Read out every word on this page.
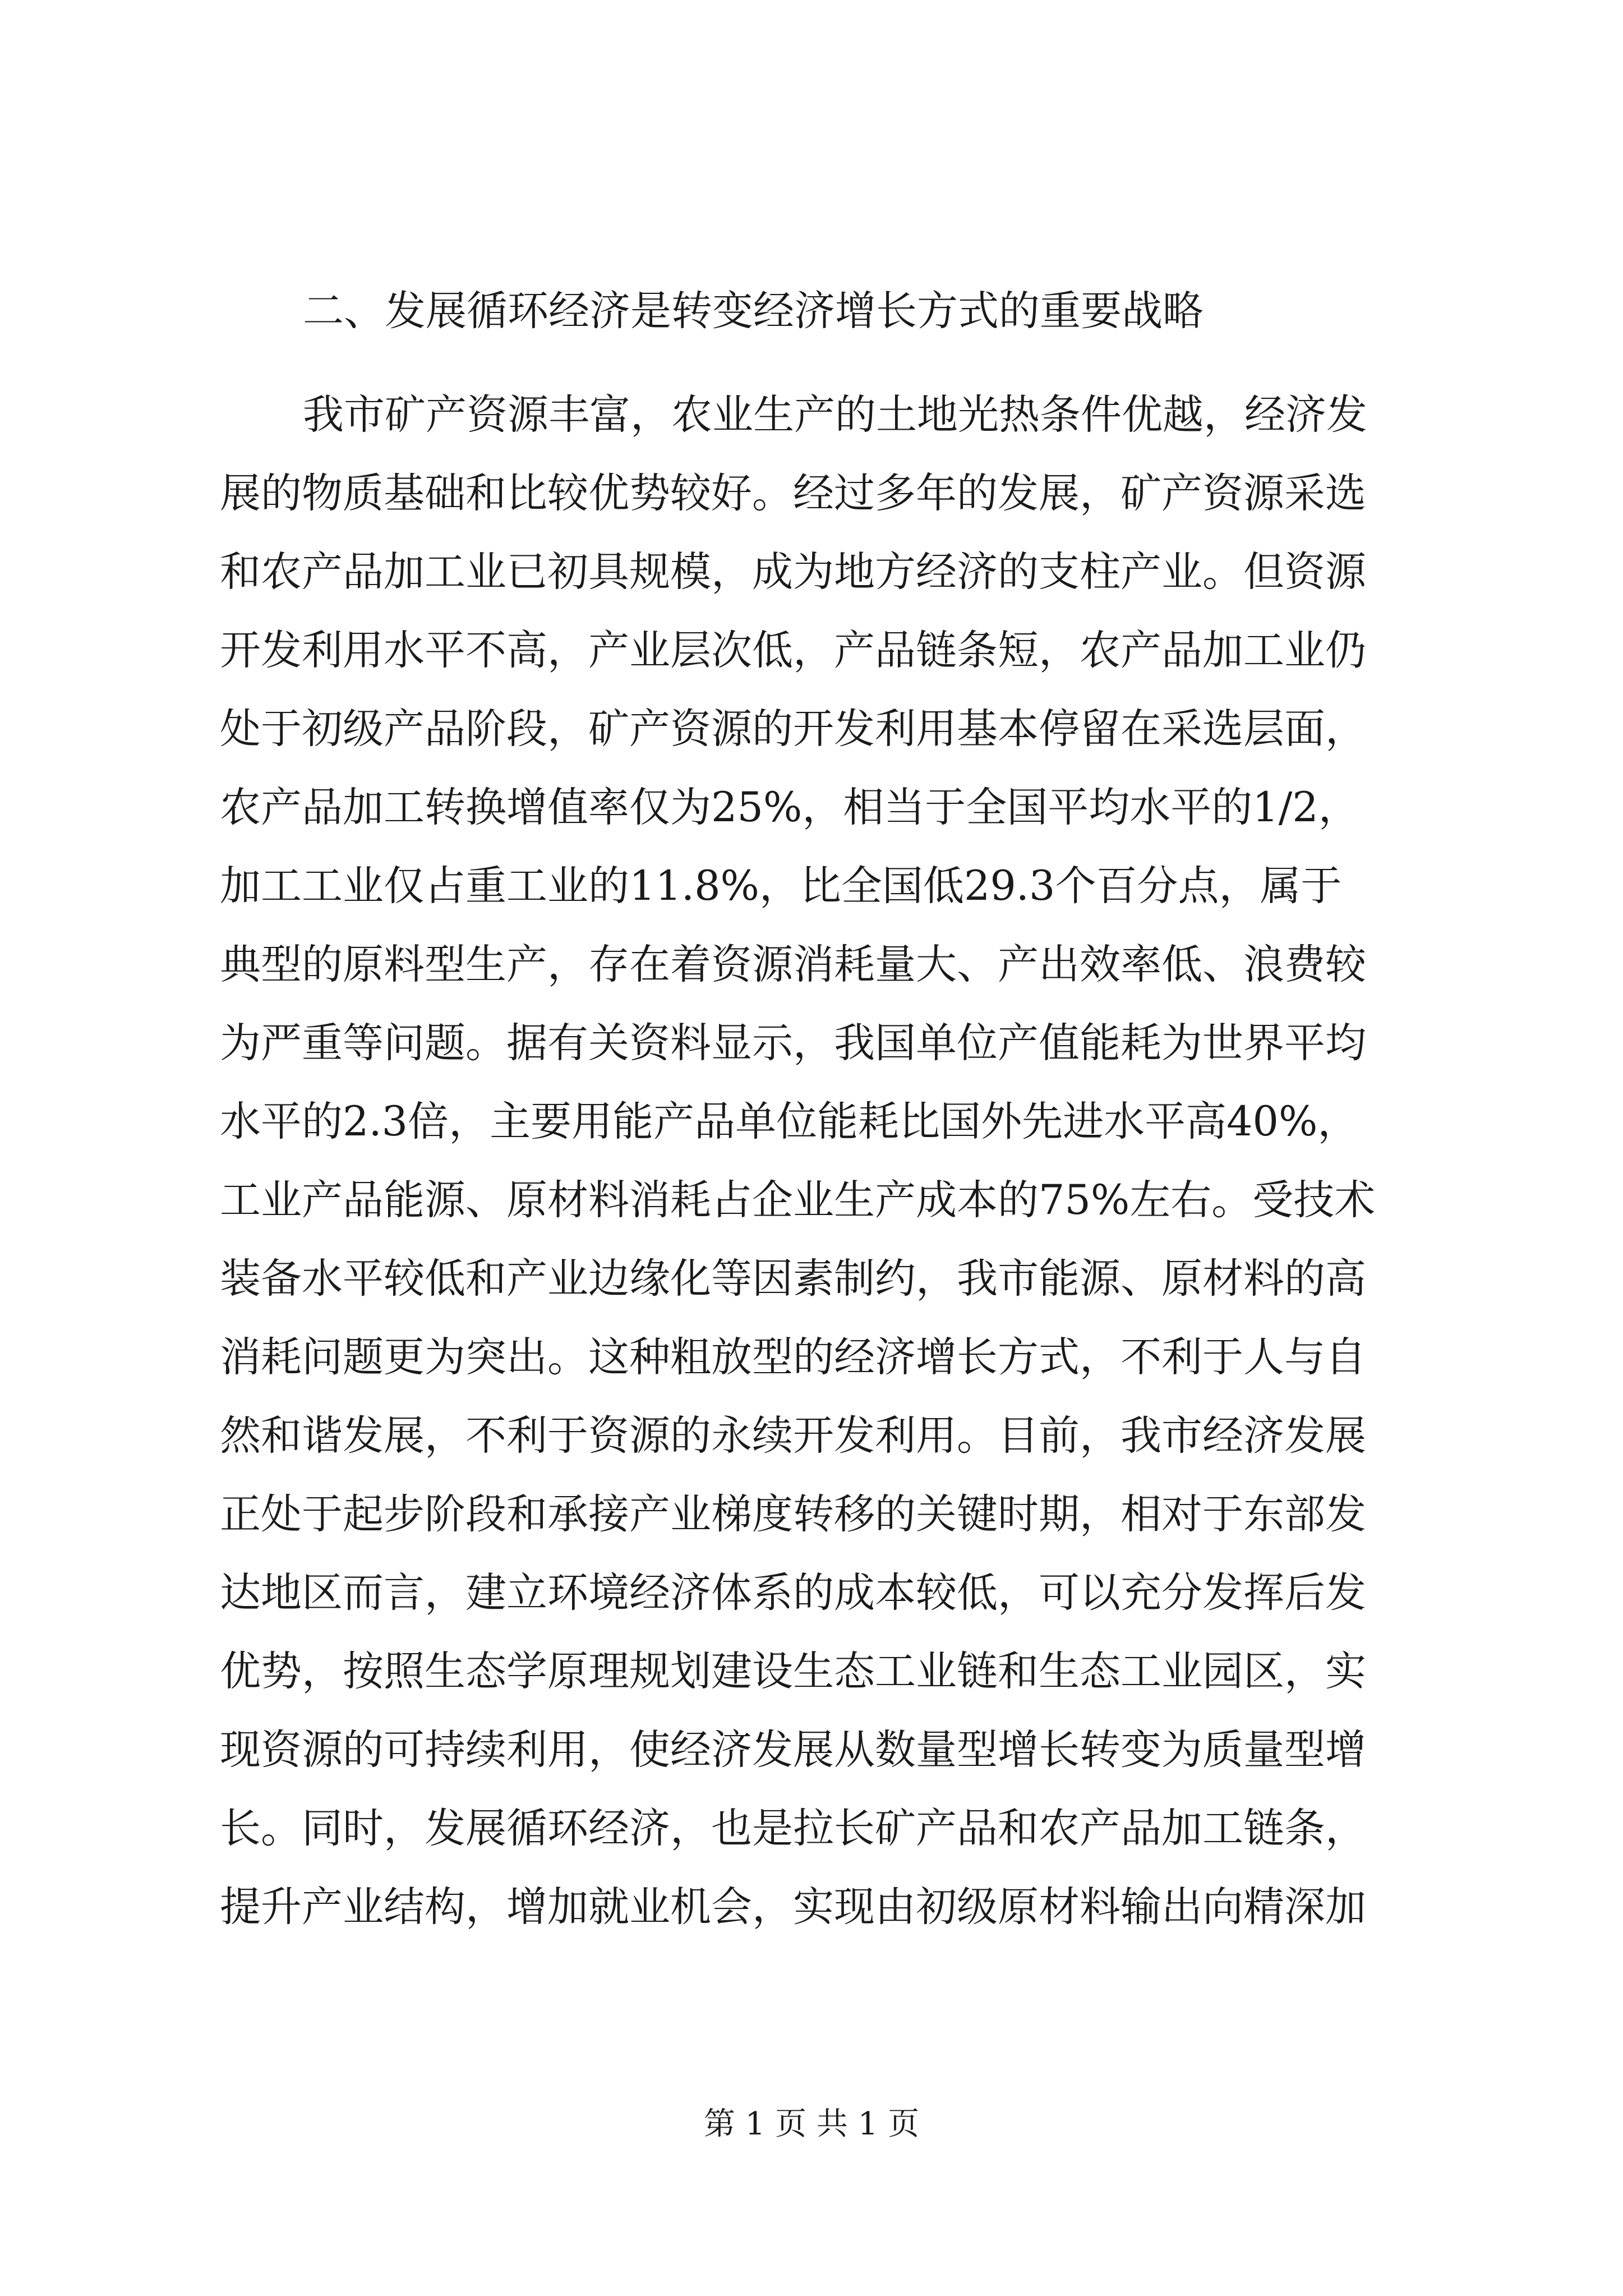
二、发展循环经济是转变经济增长方式的重要战略

我市矿产资源丰富，农业生产的土地光热条件优越，经济发

展的物质基础和比较优势较好。经过多年的发展，矿产资源采选

和农产品加工业已初具规模，成为地方经济的支柱产业。但资源

开发利用水平不高，产业层次低，产品链条短，农产品加工业仍

处于初级产品阶段，矿产资源的开发利用基本停留在采选层面，

农产品加工转换增值率仅为25%，相当于全国平均水平的1/2，

加工工业仅占重工业的11.8%，比全国低29.3个百分点，属于

典型的原料型生产，存在着资源消耗量大、产出效率低、浪费较

为严重等问题。据有关资料显示，我国单位产值能耗为世界平均

水平的2.3倍，主要用能产品单位能耗比国外先进水平高40%，

工业产品能源、原材料消耗占企业生产成本的75%左右。受技术

装备水平较低和产业边缘化等因素制约，我市能源、原材料的高

消耗问题更为突出。这种粗放型的经济增长方式，不利于人与自

然和谐发展，不利于资源的永续开发利用。目前，我市经济发展

正处于起步阶段和承接产业梯度转移的关键时期，相对于东部发

达地区而言，建立环境经济体系的成本较低，可以充分发挥后发

优势，按照生态学原理规划建设生态工业链和生态工业园区，实

现资源的可持续利用，使经济发展从数量型增长转变为质量型增

长。同时，发展循环经济，也是拉长矿产品和农产品加工链条，

提升产业结构，增加就业机会，实现由初级原材料输出向精深加

第 1 页 共 1 页
